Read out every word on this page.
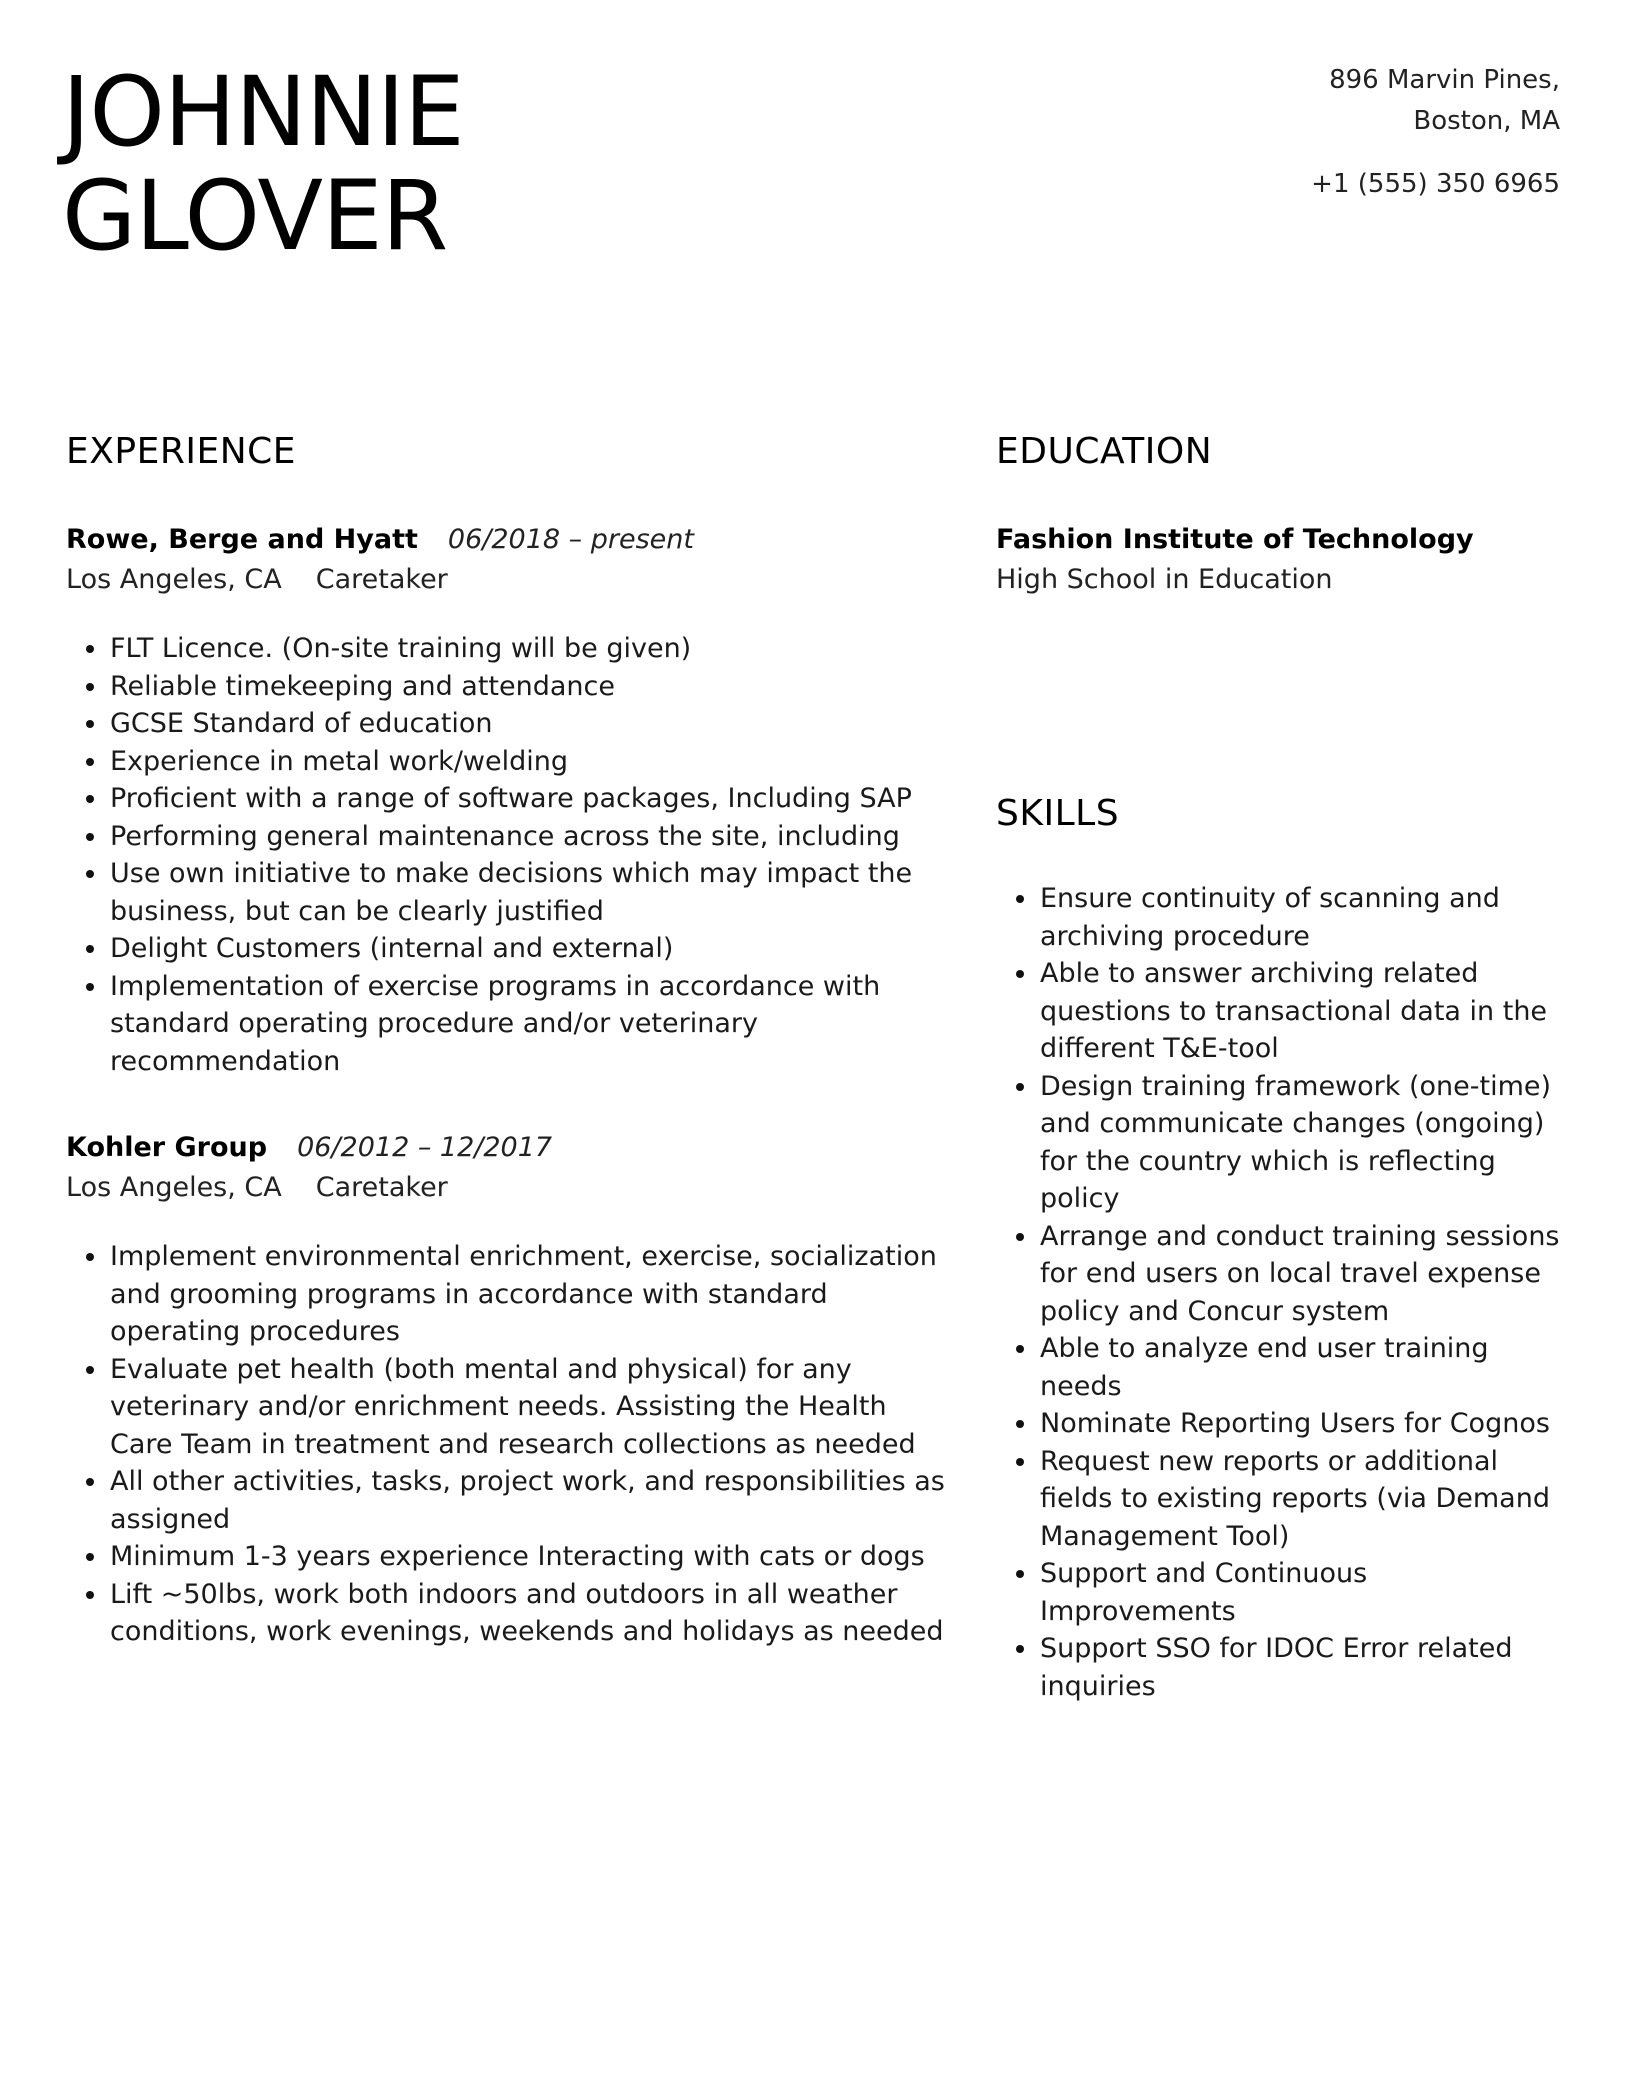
JOHNNIE
GLOVER
896 Marvin Pines,
Boston, MA
+1 (555) 350 6965
EXPERIENCE
Rowe, Berge and Hyatt 06/2018 – present
Los Angeles, CA Caretaker
FLT Licence. (On-site training will be given)
Reliable timekeeping and attendance
GCSE Standard of education
Experience in metal work/welding
Proficient with a range of software packages, Including SAP
Performing general maintenance across the site, including
Use own initiative to make decisions which may impact the business, but can be clearly justified
Delight Customers (internal and external)
Implementation of exercise programs in accordance with standard operating procedure and/or veterinary recommendation
Kohler Group 06/2012 – 12/2017
Los Angeles, CA Caretaker
Implement environmental enrichment, exercise, socialization and grooming programs in accordance with standard operating procedures
Evaluate pet health (both mental and physical) for any veterinary and/or enrichment needs. Assisting the Health Care Team in treatment and research collections as needed
All other activities, tasks, project work, and responsibilities as assigned
Minimum 1-3 years experience Interacting with cats or dogs
Lift ~50lbs, work both indoors and outdoors in all weather conditions, work evenings, weekends and holidays as needed
EDUCATION
Fashion Institute of Technology
High School in Education
SKILLS
Ensure continuity of scanning and archiving procedure
Able to answer archiving related questions to transactional data in the different T&E-tool
Design training framework (one-time) and communicate changes (ongoing) for the country which is reflecting policy
Arrange and conduct training sessions for end users on local travel expense policy and Concur system
Able to analyze end user training needs
Nominate Reporting Users for Cognos
Request new reports or additional fields to existing reports (via Demand Management Tool)
Support and Continuous Improvements
Support SSO for IDOC Error related inquiries
